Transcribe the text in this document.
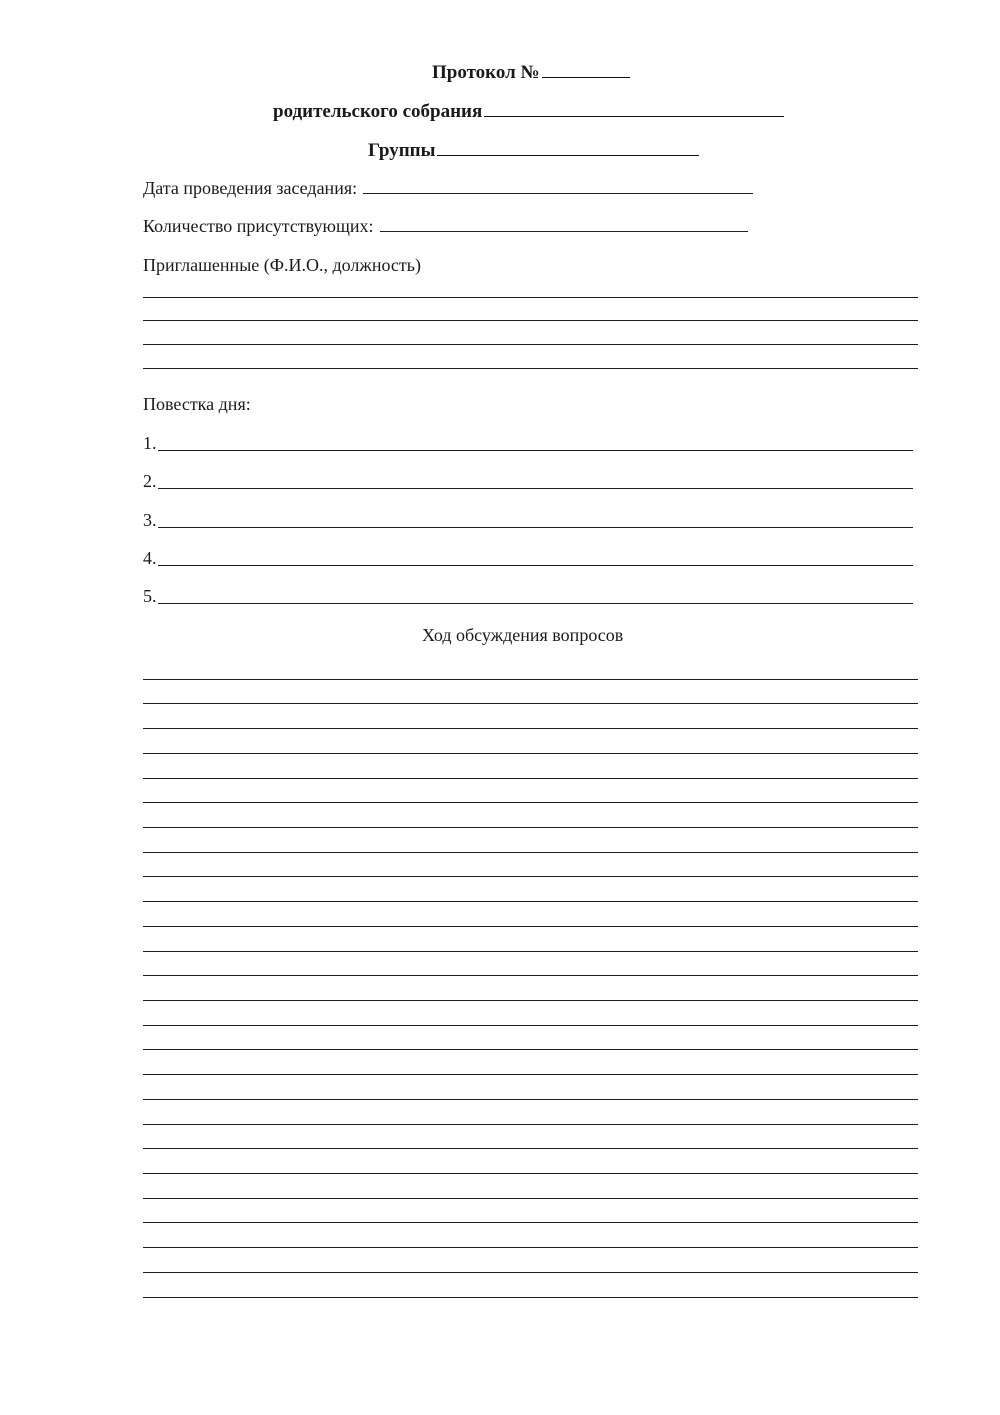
Протокол №
родительского собрания
Группы
Дата проведения заседания:
Количество присутствующих:
Приглашенные (Ф.И.О., должность)
Повестка дня:
1.
2.
3.
4.
5.
Ход обсуждения вопросов
